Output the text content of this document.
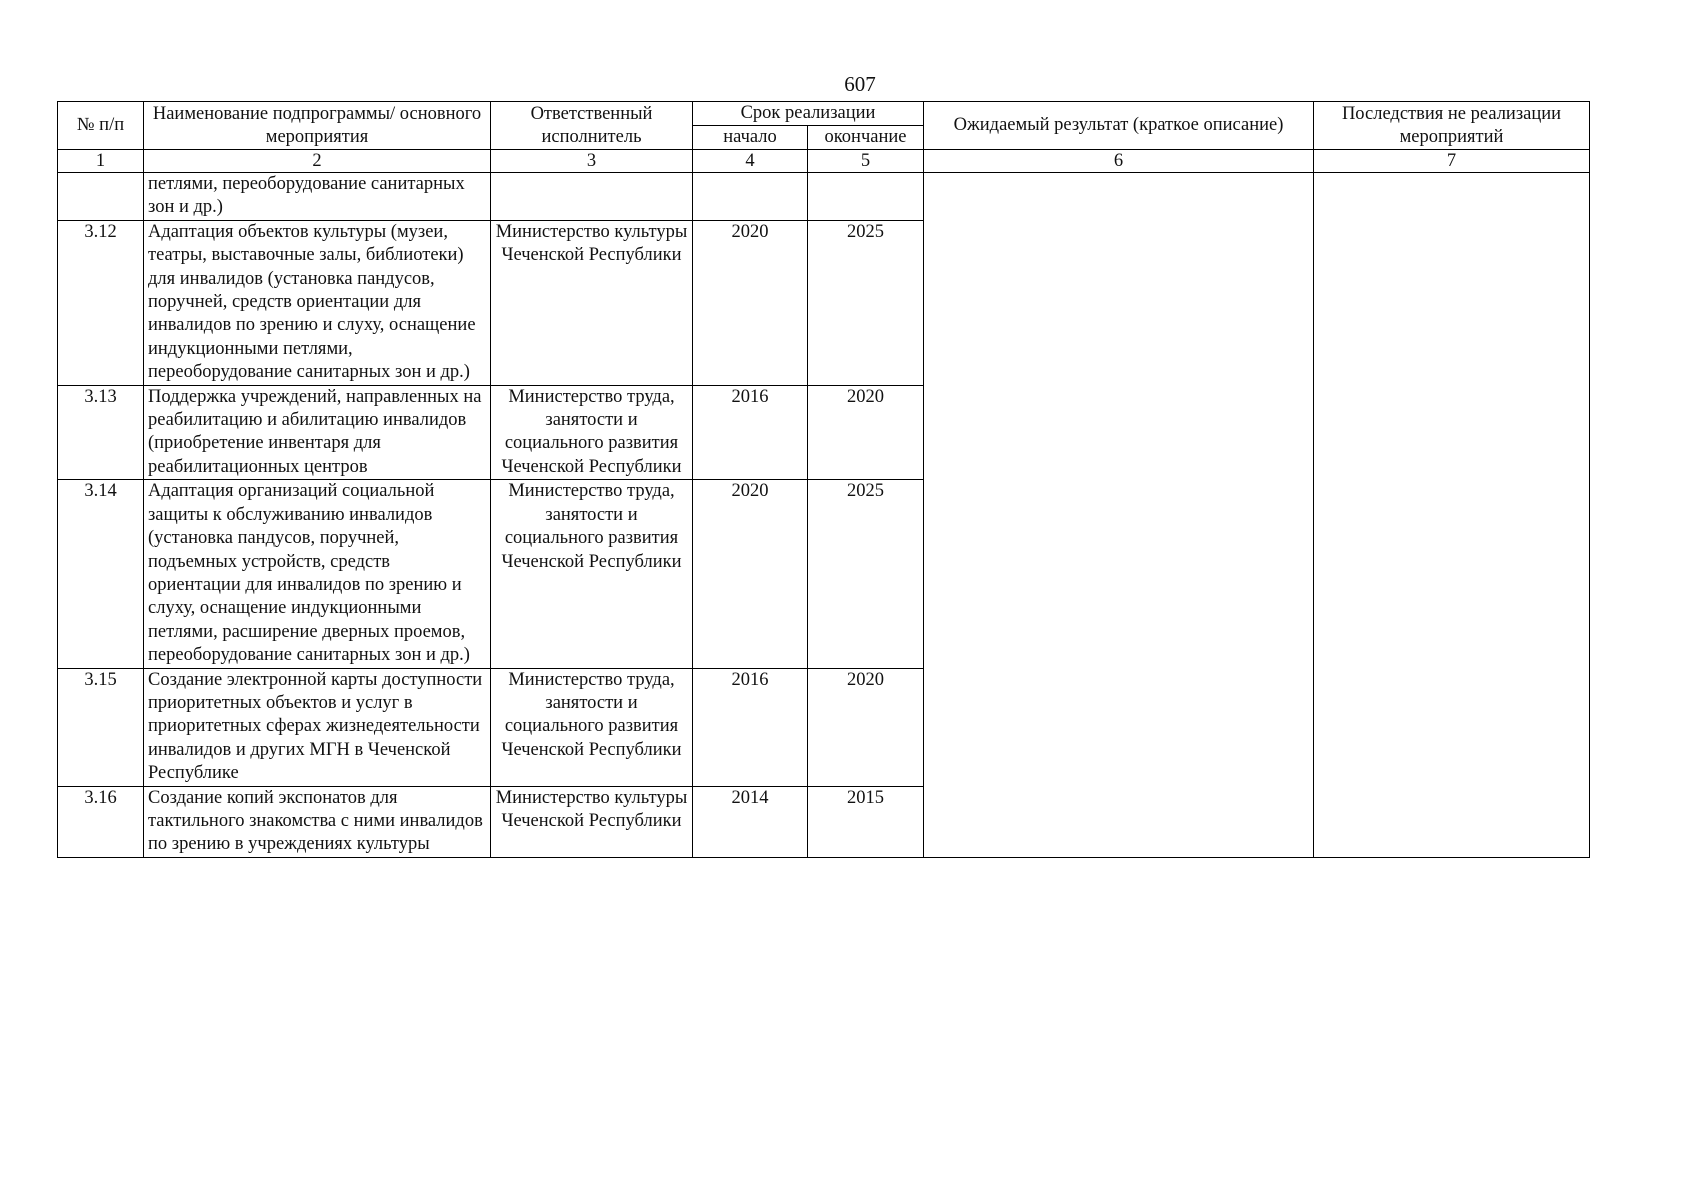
607
№ п/п	Наименование подпрограммы/ основного мероприятия	Ответственный исполнитель	Срок реализации		Ожидаемый результат (краткое описание)	Последствия не реализации мероприятий
			начало	окончание		
1	2	3	4	5	6	7
	петлями, переоборудование санитарных зон и др.)					
3.12	Адаптация объектов культуры (музеи, театры, выставочные залы, библиотеки) для инвалидов (установка пандусов, поручней, средств ориентации для инвалидов по зрению и слуху, оснащение индукционными петлями, переоборудование санитарных зон и др.)	Министерство культуры Чеченской Республики	2020	2025		
3.13	Поддержка учреждений, направленных на реабилитацию и абилитацию инвалидов (приобретение инвентаря для реабилитационных центров	Министерство труда, занятости и социального развития Чеченской Республики	2016	2020		
3.14	Адаптация организаций социальной защиты к обслуживанию инвалидов (установка пандусов, поручней, подъемных устройств, средств ориентации для инвалидов по зрению и слуху, оснащение индукционными петлями, расширение дверных проемов, переоборудование санитарных зон и др.)	Министерство труда, занятости и социального развития Чеченской Республики	2020	2025		
3.15	Создание электронной карты доступности приоритетных объектов и услуг в приоритетных сферах жизнедеятельности инвалидов и других МГН в Чеченской Республике	Министерство труда, занятости и социального развития Чеченской Республики	2016	2020		
3.16	Создание копий экспонатов для тактильного знакомства с ними инвалидов по зрению в учреждениях культуры	Министерство культуры Чеченской Республики	2014	2015		
